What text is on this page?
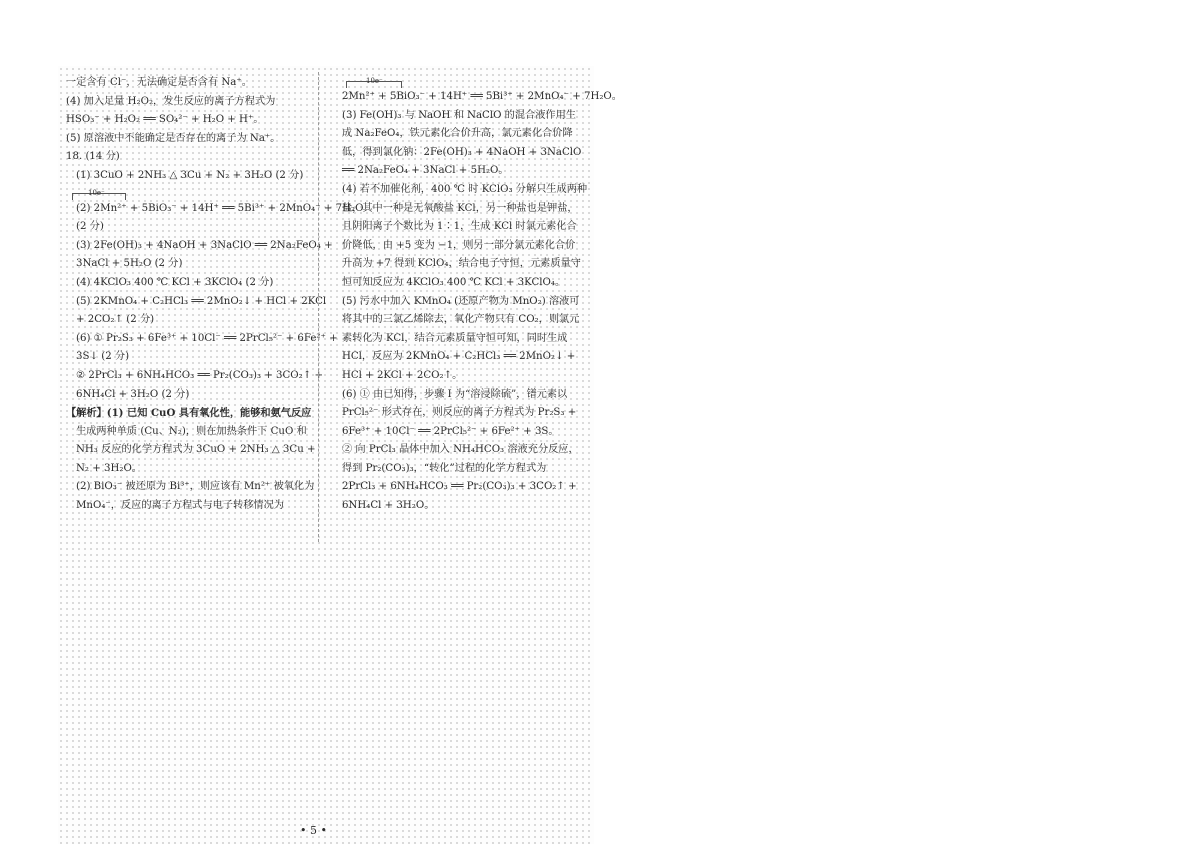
一定含有 Cl⁻，无法确定是否含有 Na⁺。

(4) 加入足量 H₂O₂，发生反应的离子方程式为

HSO₃⁻ + H₂O₂ ══ SO₄²⁻ + H₂O + H⁺。

(5) 原溶液中不能确定是否存在的离子为 Na⁺。

18. (14 分)

(1) 3CuO + 2NH₃ △ 3Cu + N₂ + 3H₂O (2 分)

10e⁻

(2) 2Mn²⁺ + 5BiO₃⁻ + 14H⁺ ══ 5Bi³⁺ + 2MnO₄⁻ + 7H₂O

(2 分)

(3) 2Fe(OH)₃ + 4NaOH + 3NaClO ══ 2Na₂FeO₄ +

3NaCl + 5H₂O (2 分)

(4) 4KClO₃ 400 ℃ KCl + 3KClO₄ (2 分)

(5) 2KMnO₄ + C₂HCl₃ ══ 2MnO₂↓ + HCl + 2KCl

+ 2CO₂↑ (2 分)

(6) ① Pr₂S₃ + 6Fe³⁺ + 10Cl⁻ ══ 2PrCl₅²⁻ + 6Fe²⁺ +

3S↓ (2 分)

② 2PrCl₃ + 6NH₄HCO₃ ══ Pr₂(CO₃)₃ + 3CO₂↑ +

6NH₄Cl + 3H₂O (2 分)

【解析】(1) 已知 CuO 具有氧化性，能够和氨气反应

生成两种单质 (Cu、N₂)，则在加热条件下 CuO 和

NH₃ 反应的化学方程式为 3CuO + 2NH₃ △ 3Cu +

N₂ + 3H₂O。

(2) BiO₃⁻ 被还原为 Bi³⁺，则应该有 Mn²⁺ 被氧化为

MnO₄⁻，反应的离子方程式与电子转移情况为

10e⁻

2Mn²⁺ + 5BiO₃⁻ + 14H⁺ ══ 5Bi³⁺ + 2MnO₄⁻ + 7H₂O。

(3) Fe(OH)₃ 与 NaOH 和 NaClO 的混合液作用生

成 Na₂FeO₄，铁元素化合价升高，氯元素化合价降

低，得到氯化钠：2Fe(OH)₃ + 4NaOH + 3NaClO

══ 2Na₂FeO₄ + 3NaCl + 5H₂O。

(4) 若不加催化剂，400 ℃ 时 KClO₃ 分解只生成两种

盐，其中一种是无氧酸盐 KCl，另一种盐也是钾盐，

且阴阳离子个数比为 1∶1，生成 KCl 时氯元素化合

价降低，由 +5 变为 −1，则另一部分氯元素化合价

升高为 +7 得到 KClO₄，结合电子守恒，元素质量守

恒可知反应为 4KClO₃ 400 ℃ KCl + 3KClO₄。

(5) 污水中加入 KMnO₄ (还原产物为 MnO₂) 溶液可

将其中的三氯乙烯除去，氧化产物只有 CO₂，则氯元

素转化为 KCl，结合元素质量守恒可知，同时生成

HCl，反应为 2KMnO₄ + C₂HCl₃ ══ 2MnO₂↓ +

HCl + 2KCl + 2CO₂↑。

(6) ① 由已知得，步骤 Ⅰ 为“溶浸除硫”，镨元素以

PrCl₅²⁻ 形式存在，则反应的离子方程式为 Pr₂S₃ +

6Fe³⁺ + 10Cl⁻ ══ 2PrCl₅²⁻ + 6Fe²⁺ + 3S。

② 向 PrCl₃ 晶体中加入 NH₄HCO₃ 溶液充分反应，

得到 Pr₂(CO₃)₃，“转化”过程的化学方程式为

2PrCl₃ + 6NH₄HCO₃ ══ Pr₂(CO₃)₃ + 3CO₂↑ +

6NH₄Cl + 3H₂O。

• 5 •
